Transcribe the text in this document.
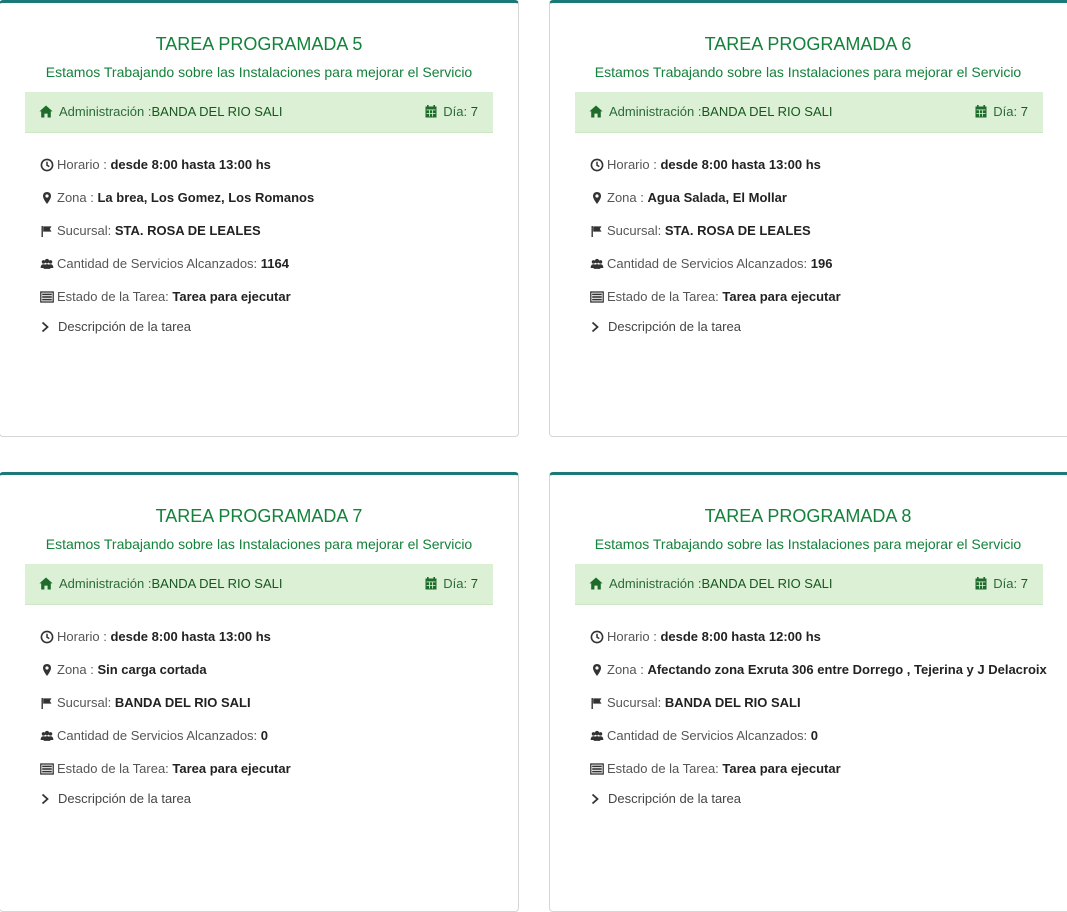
TAREA PROGRAMADA 5
Estamos Trabajando sobre las Instalaciones para mejorar el Servicio
Administración :BANDA DEL RIO SALI	Día: 7
Horario : desde 8:00 hasta 13:00 hs
Zona : La brea, Los Gomez, Los Romanos
Sucursal: STA. ROSA DE LEALES
Cantidad de Servicios Alcanzados: 1164
Estado de la Tarea: Tarea para ejecutar
Descripción de la tarea
TAREA PROGRAMADA 6
Estamos Trabajando sobre las Instalaciones para mejorar el Servicio
Administración :BANDA DEL RIO SALI	Día: 7
Horario : desde 8:00 hasta 13:00 hs
Zona : Agua Salada, El Mollar
Sucursal: STA. ROSA DE LEALES
Cantidad de Servicios Alcanzados: 196
Estado de la Tarea: Tarea para ejecutar
Descripción de la tarea
TAREA PROGRAMADA 7
Estamos Trabajando sobre las Instalaciones para mejorar el Servicio
Administración :BANDA DEL RIO SALI	Día: 7
Horario : desde 8:00 hasta 13:00 hs
Zona : Sin carga cortada
Sucursal: BANDA DEL RIO SALI
Cantidad de Servicios Alcanzados: 0
Estado de la Tarea: Tarea para ejecutar
Descripción de la tarea
TAREA PROGRAMADA 8
Estamos Trabajando sobre las Instalaciones para mejorar el Servicio
Administración :BANDA DEL RIO SALI	Día: 7
Horario : desde 8:00 hasta 12:00 hs
Zona : Afectando zona Exruta 306 entre Dorrego , Tejerina y J Delacroix
Sucursal: BANDA DEL RIO SALI
Cantidad de Servicios Alcanzados: 0
Estado de la Tarea: Tarea para ejecutar
Descripción de la tarea
